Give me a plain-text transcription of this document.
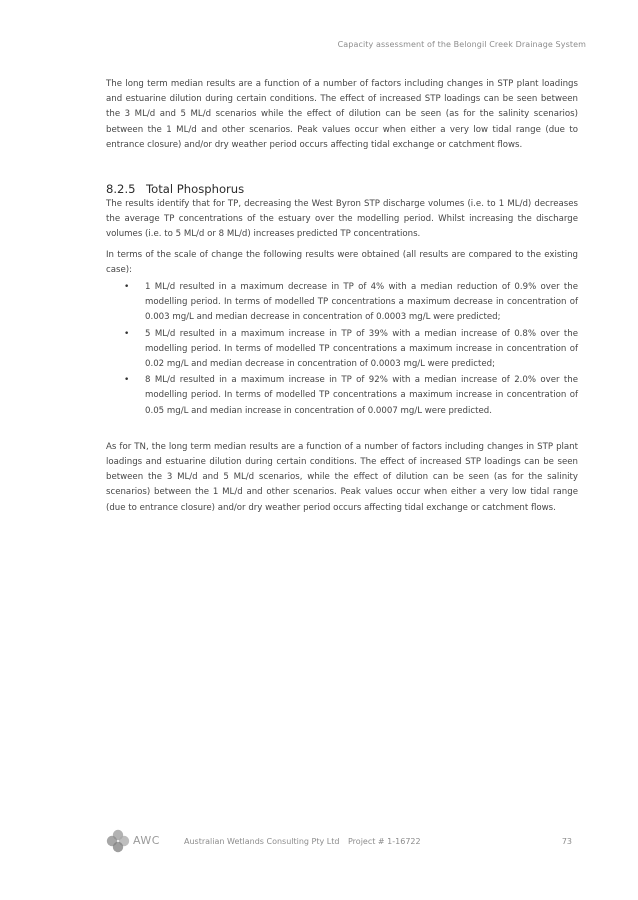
Capacity assessment of the Belongil Creek Drainage System

The long term median results are a function of a number of factors including changes in STP plant loadings and estuarine dilution during certain conditions. The effect of increased STP loadings can be seen between the 3 ML/d and 5 ML/d scenarios while the effect of dilution can be seen (as for the salinity scenarios) between the 1 ML/d and other scenarios. Peak values occur when either a very low tidal range (due to entrance closure) and/or dry weather period occurs affecting tidal exchange or catchment flows.

8.2.5 Total Phosphorus

The results identify that for TP, decreasing the West Byron STP discharge volumes (i.e. to 1 ML/d) decreases the average TP concentrations of the estuary over the modelling period. Whilst increasing the discharge volumes (i.e. to 5 ML/d or 8 ML/d) increases predicted TP concentrations.

In terms of the scale of change the following results were obtained (all results are compared to the existing case):

• 1 ML/d resulted in a maximum decrease in TP of 4% with a median reduction of 0.9% over the modelling period. In terms of modelled TP concentrations a maximum decrease in concentration of 0.003 mg/L and median decrease in concentration of 0.0003 mg/L were predicted;
• 5 ML/d resulted in a maximum increase in TP of 39% with a median increase of 0.8% over the modelling period. In terms of modelled TP concentrations a maximum increase in concentration of 0.02 mg/L and median decrease in concentration of 0.0003 mg/L were predicted;
• 8 ML/d resulted in a maximum increase in TP of 92% with a median increase of 2.0% over the modelling period. In terms of modelled TP concentrations a maximum increase in concentration of 0.05 mg/L and median increase in concentration of 0.0007 mg/L were predicted.

As for TN, the long term median results are a function of a number of factors including changes in STP plant loadings and estuarine dilution during certain conditions. The effect of increased STP loadings can be seen between the 3 ML/d and 5 ML/d scenarios, while the effect of dilution can be seen (as for the salinity scenarios) between the 1 ML/d and other scenarios. Peak values occur when either a very low tidal range (due to entrance closure) and/or dry weather period occurs affecting tidal exchange or catchment flows.

AWC	Australian Wetlands Consulting Pty Ltd Project # 1-16722	73
